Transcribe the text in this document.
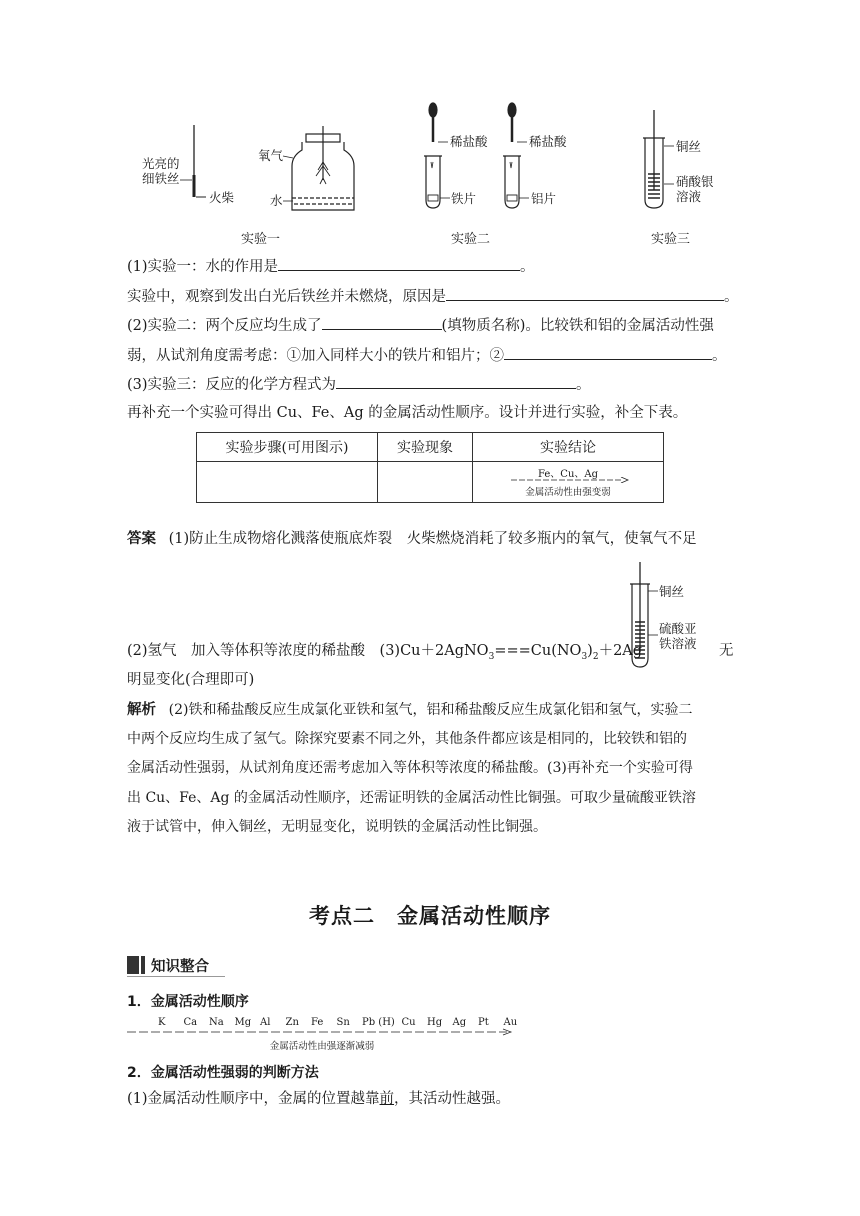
光亮的
细铁丝
火柴
氧气
水
稀盐酸
铁片
稀盐酸
铝片
铜丝
硝酸银
溶液
实验一	实验二	实验三
(1)实验一：水的作用是	。
实验中，观察到发出白光后铁丝并未燃烧，原因是	。
(2)实验二：两个反应均生成了	(填物质名称)。比较铁和铝的金属活动性强
弱，从试剂角度需考虑：①加入同样大小的铁片和铝片；②	。
(3)实验三：反应的化学方程式为	。
再补充一个实验可得出 Cu、Fe、Ag 的金属活动性顺序。设计并进行实验，补全下表。
实验步骤(可用图示)	实验现象	实验结论

		Fe、Cu、Ag
金属活动性由强变弱
答案 (1)防止生成物熔化溅落使瓶底炸裂　火柴燃烧消耗了较多瓶内的氧气，使氧气不足
铜丝
硫酸亚
铁溶液
(2)氢气　加入等体积等浓度的稀盐酸　$(3)Cu+2AgNO_3===Cu(NO_3)_2+2Ag$	无
明显变化(合理即可)
解析 (2)铁和稀盐酸反应生成氯化亚铁和氢气，铝和稀盐酸反应生成氯化铝和氢气，实验二
中两个反应均生成了氢气。除探究要素不同之外，其他条件都应该是相同的，比较铁和铝的
金属活动性强弱，从试剂角度还需考虑加入等体积等浓度的稀盐酸。(3)再补充一个实验可得
出 Cu、Fe、Ag 的金属活动性顺序，还需证明铁的金属活动性比铜强。可取少量硫酸亚铁溶
液于试管中，伸入铜丝，无明显变化，说明铁的金属活动性比铜强。
考点二　金属活动性顺序
知识整合
1．金属活动性顺序
K Ca Na Mg Al Zn Fe Sn Pb (H) Cu Hg Ag Pt Au
金属活动性由强逐渐减弱
2．金属活动性强弱的判断方法
(1)金属活动性顺序中，金属的位置越靠前，其活动性越强。
